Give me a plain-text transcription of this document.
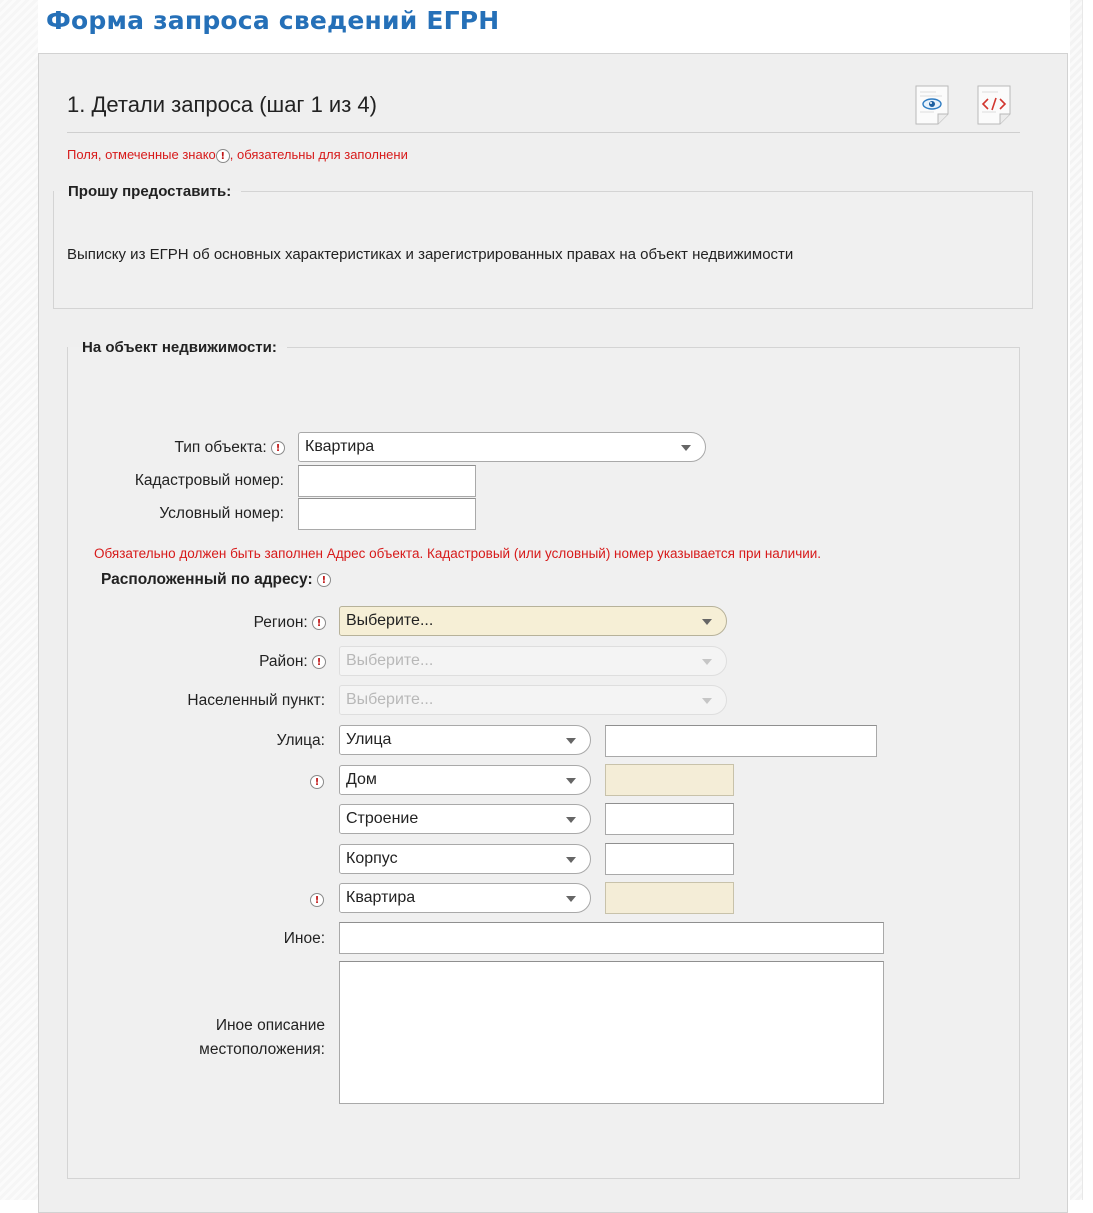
Форма запроса сведений ЕГРН
1. Детали запроса (шаг 1 из 4)
Поля, отмеченные знако ! , обязательны для заполнени
Прошу предоставить:
Выписку из ЕГРН об основных характеристиках и зарегистрированных правах на объект недвижимости
На объект недвижимости:
Тип объекта: !	Квартира
Кадастровый номер:
Условный номер:
Обязательно должен быть заполнен Адрес объекта. Кадастровый (или условный) номер указывается при наличии.
Расположенный по адресу: !
Регион: !	Выберите...
Район: !	Выберите...
Населенный пункт:	Выберите...
Улица:	Улица
!	Дом
Строение
Корпус
!	Квартира
Иное:
Иное описание
местоположения:
